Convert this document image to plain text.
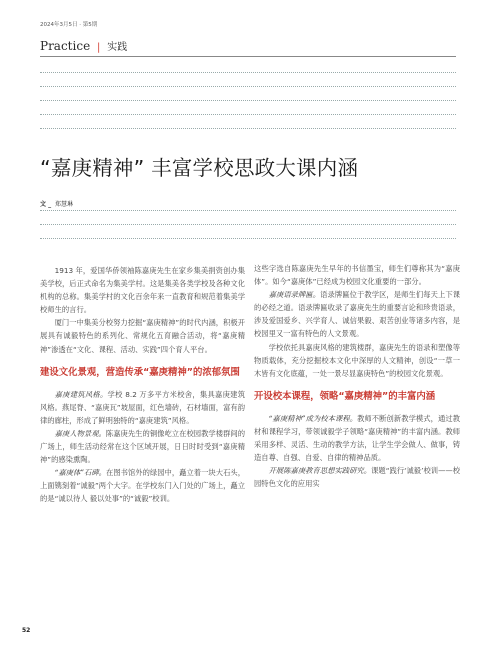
2024年3月5日 · 第5期
Practice | 实践
“嘉庚精神” 丰富学校思政大课内涵
文 _ 郑慧琳

1913 年，爱国华侨领袖陈嘉庚先生在家乡集美捐资创办集美学校，后正式命名为集美学村。这是集美各类学校及各种文化机构的总称。集美学村的文化百余年来一直教育和规范着集美学校师生的言行。

厦门一中集美分校努力挖掘“嘉庚精神”的时代内涵，积极开展具有诚毅特色的系列化、常规化五育融合活动，将“嘉庚精神”渗透在“文化、课程、活动、实践”四个育人平台。

建设文化景观，营造传承“嘉庚精神”的浓郁氛围

嘉庚建筑风格。学校 8.2 万多平方米校舍，集具嘉庚建筑风格。燕尾脊、“嘉庚瓦”坡屋面，红色墙砖，石材墙面，富有韵律的廊柱，形成了鲜明独特的“嘉庚建筑”风格。

嘉庚人物景观。陈嘉庚先生的铜像屹立在校园教学楼群间的广场上，师生活动经常在这个区域开展，日日时时受到“嘉庚精神”的感染熏陶。

“嘉庚体”石碑。在图书馆外的绿园中，矗立着一块大石头，上面镌刻着“诚毅”两个大字。在学校东门入门处的广场上，矗立的是“诚以待人 毅以处事”的“诚毅”校训。

这些字选自陈嘉庚先生早年的书信墨宝，师生们尊称其为“嘉庚体”。如今“嘉庚体”已经成为校园文化重要的一部分。

嘉庚语录牌匾。语录牌匾位于教学区，是师生们每天上下课的必经之道。语录牌匾收录了嘉庚先生的重要言论和珍贵语录，涉及爱国爱乡、兴学育人、诚信果毅、艰苦创业等诸多内容，是校园里又一富有特色的人文景观。

学校依托具嘉庚风格的建筑楼群，嘉庚先生的语录和塑像等物质载体，充分挖掘校本文化中深厚的人文精神，创设“一草一木皆有文化底蕴，一处一景尽显嘉庚特色”的校园文化景观。

开设校本课程，领略“嘉庚精神”的丰富内涵

“嘉庚精神”成为校本课程。教师不断创新教学模式，通过教材和课程学习，带领诚毅学子领略“嘉庚精神”的丰富内涵。教师采用多样、灵活、生动的教学方法，让学生学会做人、做事，铸造自尊、自强、自爱、自律的精神品质。

开展陈嘉庚教育思想实践研究。课题“践行‘诚毅’校训——校园特色文化的应用实

52
